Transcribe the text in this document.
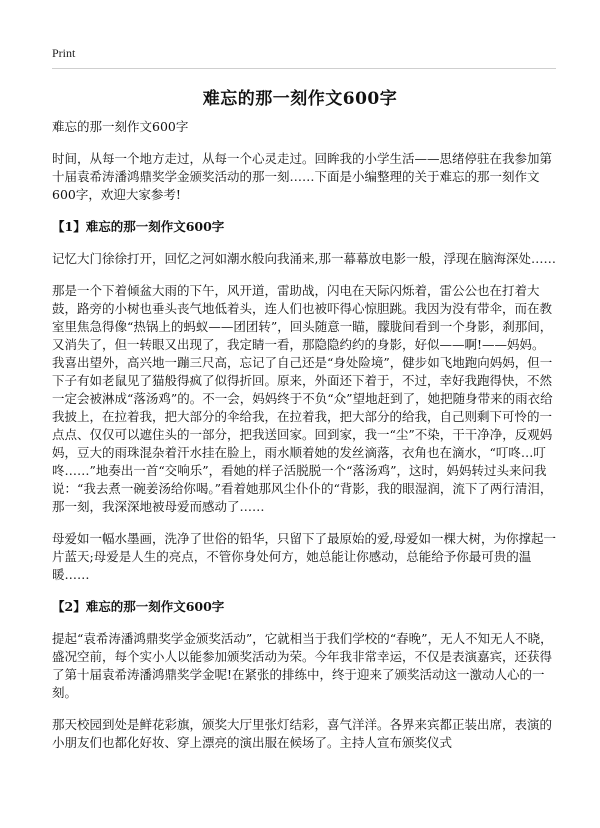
Print
难忘的那一刻作文600字

难忘的那一刻作文600字

时间，从每一个地方走过，从每一个心灵走过。回眸我的小学生活——思绪停驻在我参加第十届袁希涛潘鸿鼎奖学金颁奖活动的那一刻……下面是小编整理的关于难忘的那一刻作文600字，欢迎大家参考!

【1】难忘的那一刻作文600字

记忆大门徐徐打开，回忆之河如潮水般向我涌来,那一幕幕放电影一般，浮现在脑海深处……

那是一个下着倾盆大雨的下午，风开道，雷助战，闪电在天际闪烁着，雷公公也在打着大鼓，路旁的小树也垂头丧气地低着头，连人们也被吓得心惊胆跳。我因为没有带伞，而在教室里焦急得像“热锅上的蚂蚁——团团转”，回头随意一瞄，朦胧间看到一个身影，刹那间，又消失了，但一转眼又出现了，我定睛一看，那隐隐约约的身影，好似——啊!——妈妈。我喜出望外，高兴地一蹦三尺高，忘记了自己还是“身处险境”，健步如飞地跑向妈妈，但一下子有如老鼠见了猫般得疯了似得折回。原来，外面还下着于，不过，幸好我跑得快，不然一定会被淋成“落汤鸡”的。不一会，妈妈终于不负“众”望地赶到了，她把随身带来的雨衣给我披上，在拉着我，把大部分的伞给我，在拉着我，把大部分的给我，自己则剩下可怜的一点点、仅仅可以遮住头的一部分，把我送回家。回到家，我一“尘”不染，干干净净，反观妈妈，豆大的雨珠混杂着汗水挂在脸上，雨水顺着她的发丝滴落，衣角也在滴水，“叮咚…叮咚……”地奏出一首“交响乐”，看她的样子活脱脱一个“落汤鸡”，这时，妈妈转过头来问我说：“我去煮一碗姜汤给你喝。”看着她那风尘仆仆的“背影，我的眼湿润，流下了两行清泪，那一刻，我深深地被母爱而感动了……

母爱如一幅水墨画，洗净了世俗的铅华，只留下了最原始的爱,母爱如一棵大树，为你撑起一片蓝天;母爱是人生的亮点，不管你身处何方，她总能让你感动，总能给予你最可贵的温暖……

【2】难忘的那一刻作文600字

提起“袁希涛潘鸿鼎奖学金颁奖活动”，它就相当于我们学校的“春晚”，无人不知无人不晓，盛况空前，每个实小人以能参加颁奖活动为荣。今年我非常幸运，不仅是表演嘉宾，还获得了第十届袁希涛潘鸿鼎奖学金呢!在紧张的排练中，终于迎来了颁奖活动这一激动人心的一刻。

那天校园到处是鲜花彩旗，颁奖大厅里张灯结彩，喜气洋洋。各界来宾都正装出席，表演的小朋友们也都化好妆、穿上漂亮的演出服在候场了。主持人宣布颁奖仪式
